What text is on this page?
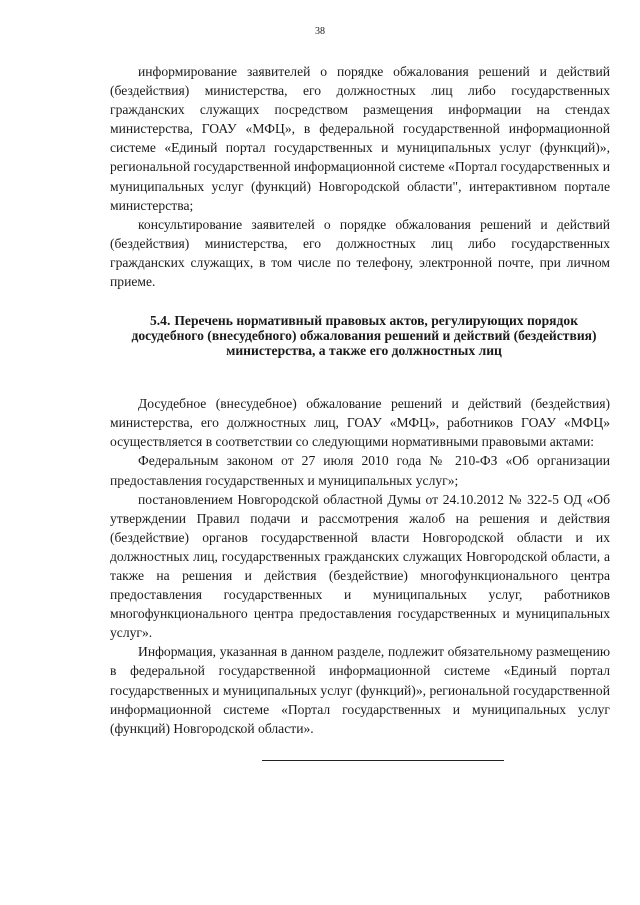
38

информирование заявителей о порядке обжалования решений и действий (бездействия) министерства, его должностных лиц либо государственных гражданских служащих посредством размещения информации на стендах министерства, ГОАУ «МФЦ», в федеральной государственной информационной системе «Единый портал государственных и муниципальных услуг (функций)», региональной государственной информационной системе «Портал государственных и муниципальных услуг (функций) Новгородской области", интерактивном портале министерства;

консультирование заявителей о порядке обжалования решений и действий (бездействия) министерства, его должностных лиц либо государственных гражданских служащих, в том числе по телефону, электронной почте, при личном приеме.

5.4. Перечень нормативный правовых актов, регулирующих порядок досудебного (внесудебного) обжалования решений и действий (бездействия) министерства, а также его должностных лиц

Досудебное (внесудебное) обжалование решений и действий (бездействия) министерства, его должностных лиц, ГОАУ «МФЦ», работников ГОАУ «МФЦ» осуществляется в соответствии со следующими нормативными правовыми актами:

Федеральным законом от 27 июля 2010 года № 210-ФЗ «Об организации предоставления государственных и муниципальных услуг»;

постановлением Новгородской областной Думы от 24.10.2012 № 322-5 ОД «Об утверждении Правил подачи и рассмотрения жалоб на решения и действия (бездействие) органов государственной власти Новгородской области и их должностных лиц, государственных гражданских служащих Новгородской области, а также на решения и действия (бездействие) многофункционального центра предоставления государственных и муниципальных услуг, работников многофункционального центра предоставления государственных и муниципальных услуг».

Информация, указанная в данном разделе, подлежит обязательному размещению в федеральной государственной информационной системе «Единый портал государственных и муниципальных услуг (функций)», региональной государственной информационной системе «Портал государственных и муниципальных услуг (функций) Новгородской области».
